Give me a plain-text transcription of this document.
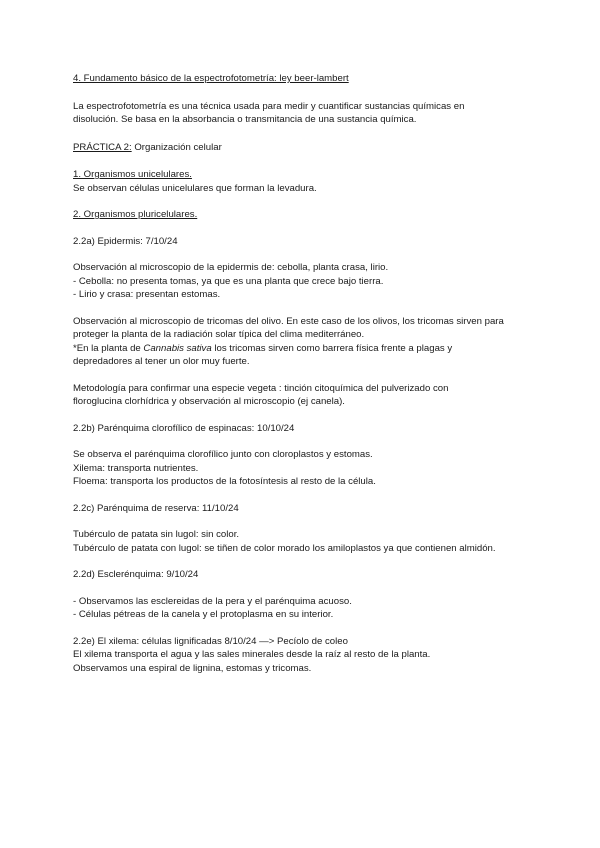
4. Fundamento básico de la espectrofotometría: ley beer-lambert

La espectrofotometría es una técnica usada para medir y cuantificar sustancias químicas en

disolución. Se basa en la absorbancia o transmitancia de una sustancia química.

PRÁCTICA 2: Organización celular

1. Organismos unicelulares.

Se observan células unicelulares que forman la levadura.

2. Organismos pluricelulares.

2.2a) Epidermis: 7/10/24

Observación al microscopio de la epidermis de: cebolla, planta crasa, lirio.

- Cebolla: no presenta tomas, ya que es una planta que crece bajo tierra.

- Lirio y crasa: presentan estomas.

Observación al microscopio de tricomas del olivo. En este caso de los olivos, los tricomas sirven para

proteger la planta de la radiación solar típica del clima mediterráneo.

*En la planta de Cannabis sativa los tricomas sirven como barrera física frente a plagas y

depredadores al tener un olor muy fuerte.

Metodología para confirmar una especie vegeta : tinción citoquímica del pulverizado con

floroglucina clorhídrica y observación al microscopio (ej canela).

2.2b) Parénquima clorofílico de espinacas: 10/10/24

Se observa el parénquima clorofílico junto con cloroplastos y estomas.

Xilema: transporta nutrientes.

Floema: transporta los productos de la fotosíntesis al resto de la célula.

2.2c) Parénquima de reserva: 11/10/24

Tubérculo de patata sin lugol: sin color.

Tubérculo de patata con lugol: se tiñen de color morado los amiloplastos ya que contienen almidón.

2.2d) Esclerénquima: 9/10/24

- Observamos las esclereidas de la pera y el parénquima acuoso.

- Células pétreas de la canela y el protoplasma en su interior.

2.2e) El xilema: células lignificadas 8/10/24 —> Pecíolo de coleo

El xilema transporta el agua y las sales minerales desde la raíz al resto de la planta.

Observamos una espiral de lignina, estomas y tricomas.
